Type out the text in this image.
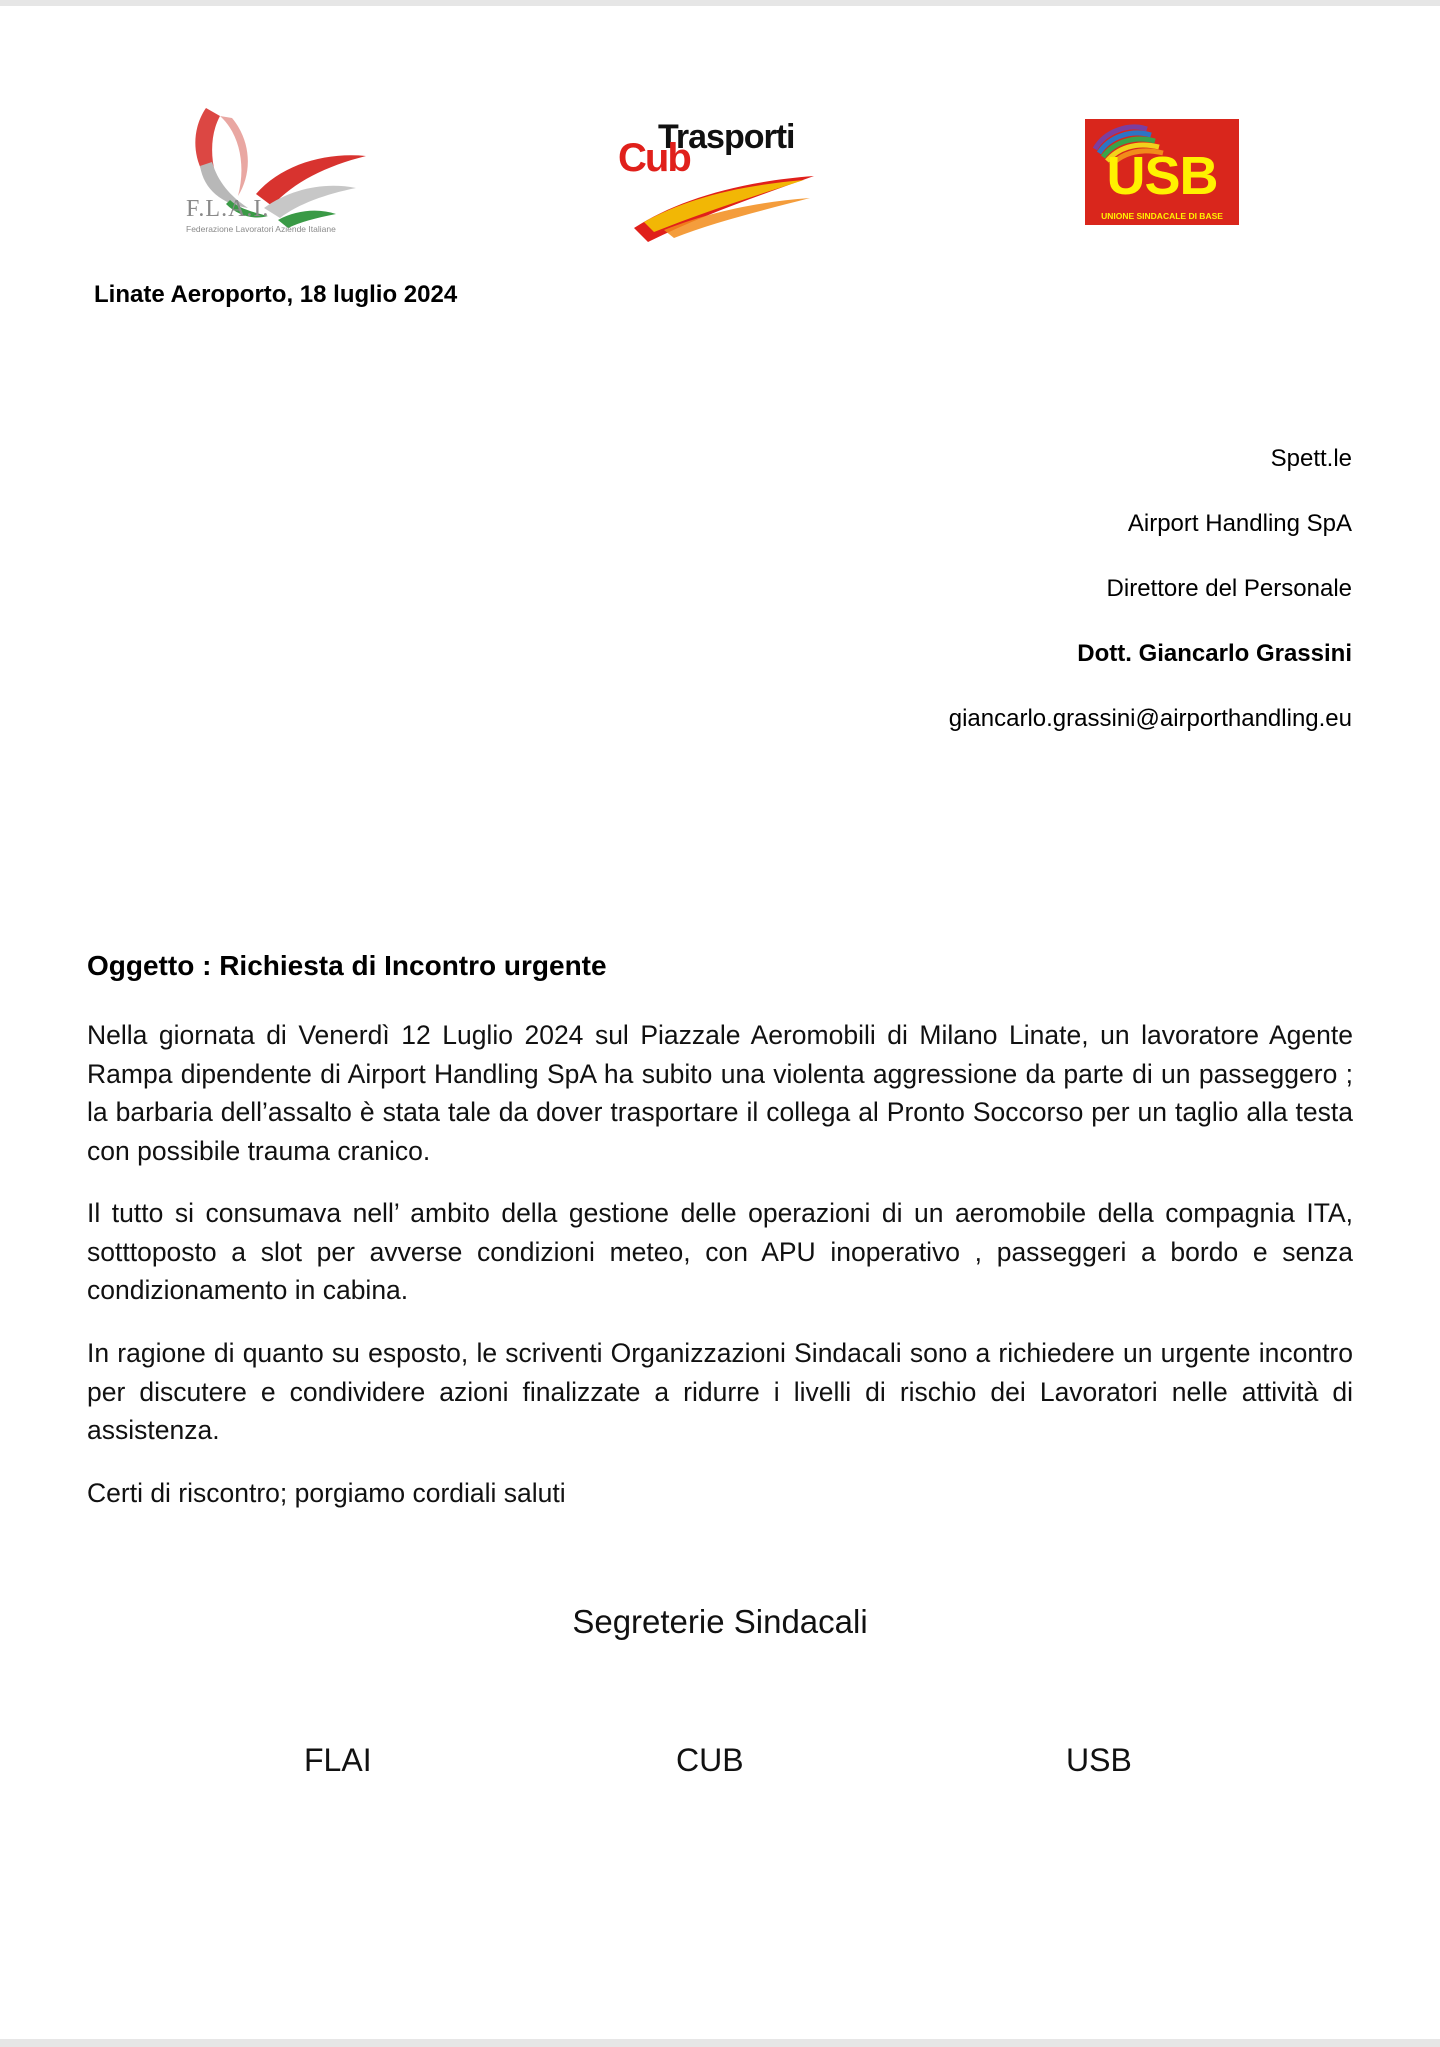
F.L.A.I.
Federazione Lavoratori Aziende Italiane
Trasporti
Cub	USB
UNIONE SINDACALE DI BASE
Linate Aeroporto, 18 luglio 2024
Spett.le
Airport Handling SpA
Direttore del Personale
Dott. Giancarlo Grassini
giancarlo.grassini@airporthandling.eu
Oggetto : Richiesta di Incontro urgente
Nella giornata di Venerdì 12 Luglio 2024 sul Piazzale Aeromobili di Milano Linate, un lavoratore Agente Rampa dipendente di Airport Handling SpA ha subito una violenta aggressione da parte di un passeggero ; la barbaria dell’assalto è stata tale da dover trasportare il collega al Pronto Soccorso per un taglio alla testa con possibile trauma cranico.
Il tutto si consumava nell’ ambito della gestione delle operazioni di un aeromobile della compagnia ITA, sotttoposto a slot per avverse condizioni meteo, con APU inoperativo , passeggeri a bordo e senza condizionamento in cabina.
In ragione di quanto su esposto, le scriventi Organizzazioni Sindacali sono a richiedere un urgente incontro per discutere e condividere azioni finalizzate a ridurre i livelli di rischio dei Lavoratori nelle attività di assistenza.
Certi di riscontro; porgiamo cordiali saluti
Segreterie Sindacali
FLAI	CUB	USB
